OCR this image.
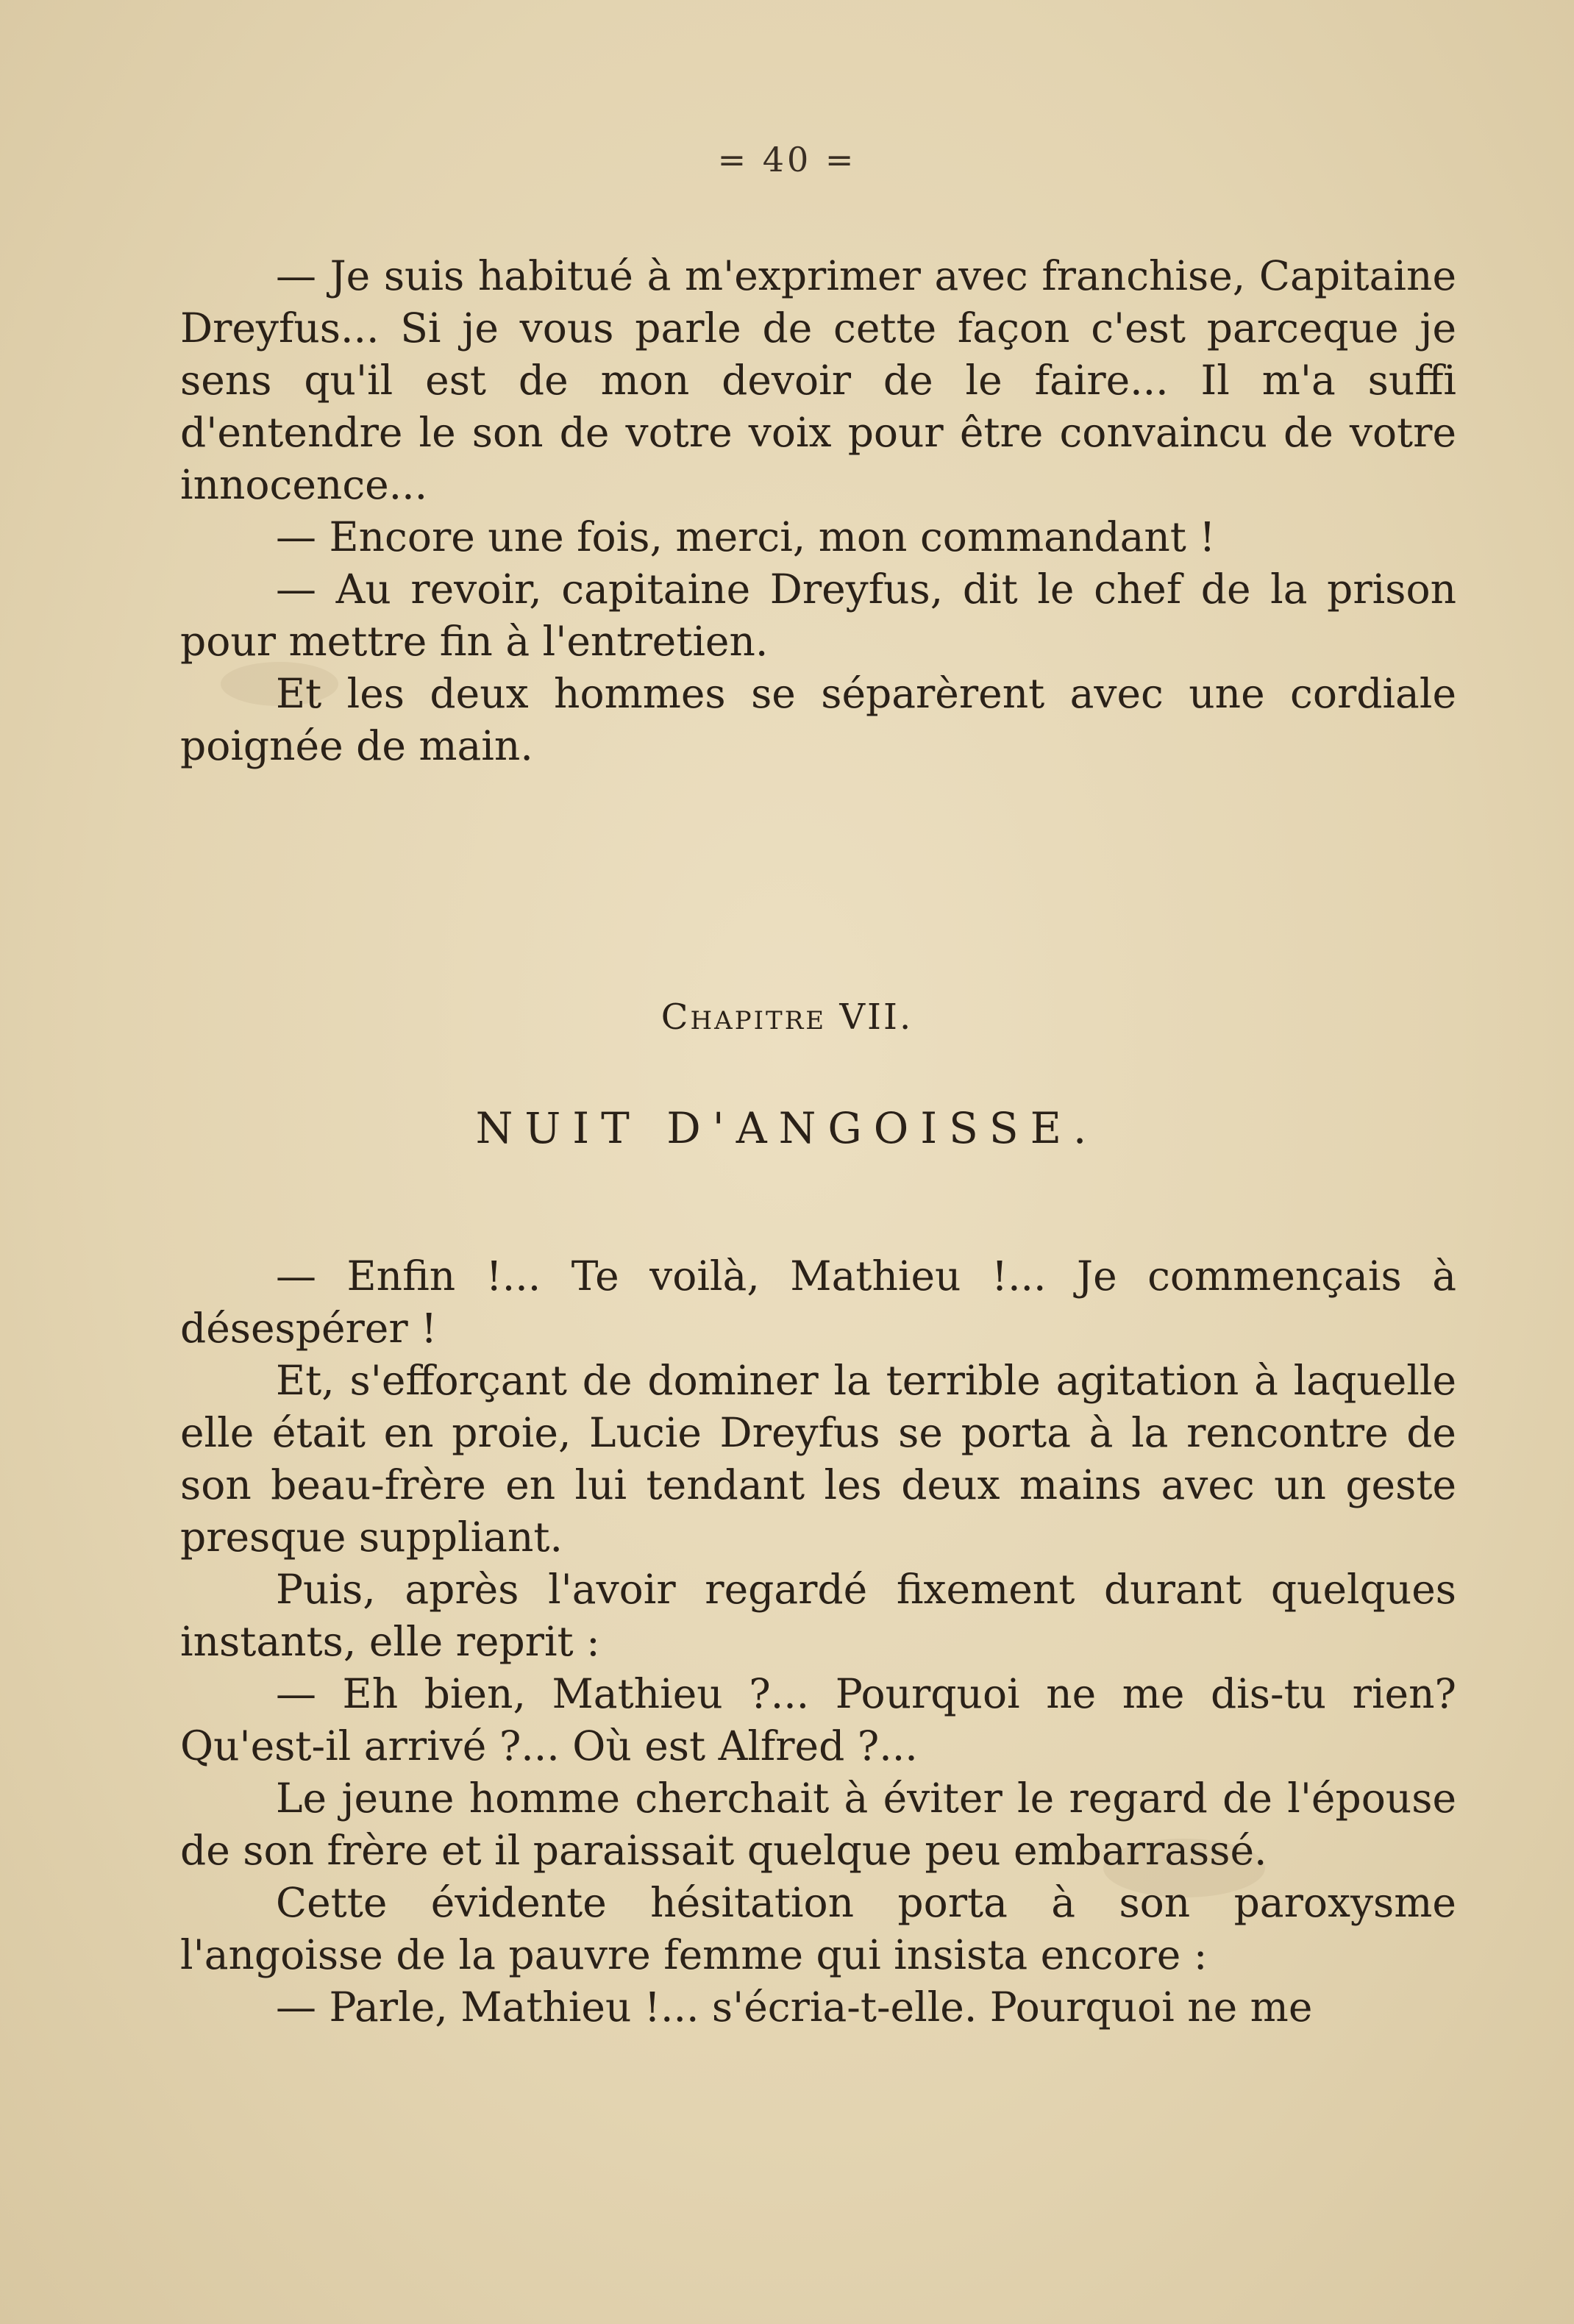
= 40 =

— Je suis habitué à m'exprimer avec franchise, Capitaine Dreyfus... Si je vous parle de cette façon c'est parceque je sens qu'il est de mon devoir de le faire... Il m'a suffi d'entendre le son de votre voix pour être convaincu de votre innocence...

— Encore une fois, merci, mon commandant !

— Au revoir, capitaine Dreyfus, dit le chef de la prison pour mettre fin à l'entretien.

Et les deux hommes se séparèrent avec une cordiale poignée de main.

Chapitre VII.
NUIT D'ANGOISSE.

— Enfin !... Te voilà, Mathieu !... Je commençais à désespérer !

Et, s'efforçant de dominer la terrible agitation à laquelle elle était en proie, Lucie Dreyfus se porta à la rencontre de son beau-frère en lui tendant les deux mains avec un geste presque suppliant.

Puis, après l'avoir regardé fixement durant quelques instants, elle reprit :

— Eh bien, Mathieu ?... Pourquoi ne me dis-tu rien? Qu'est-il arrivé ?... Où est Alfred ?...

Le jeune homme cherchait à éviter le regard de l'épouse de son frère et il paraissait quelque peu embarrassé.

Cette évidente hésitation porta à son paroxysme l'angoisse de la pauvre femme qui insista encore :

— Parle, Mathieu !... s'écria-t-elle. Pourquoi ne me
